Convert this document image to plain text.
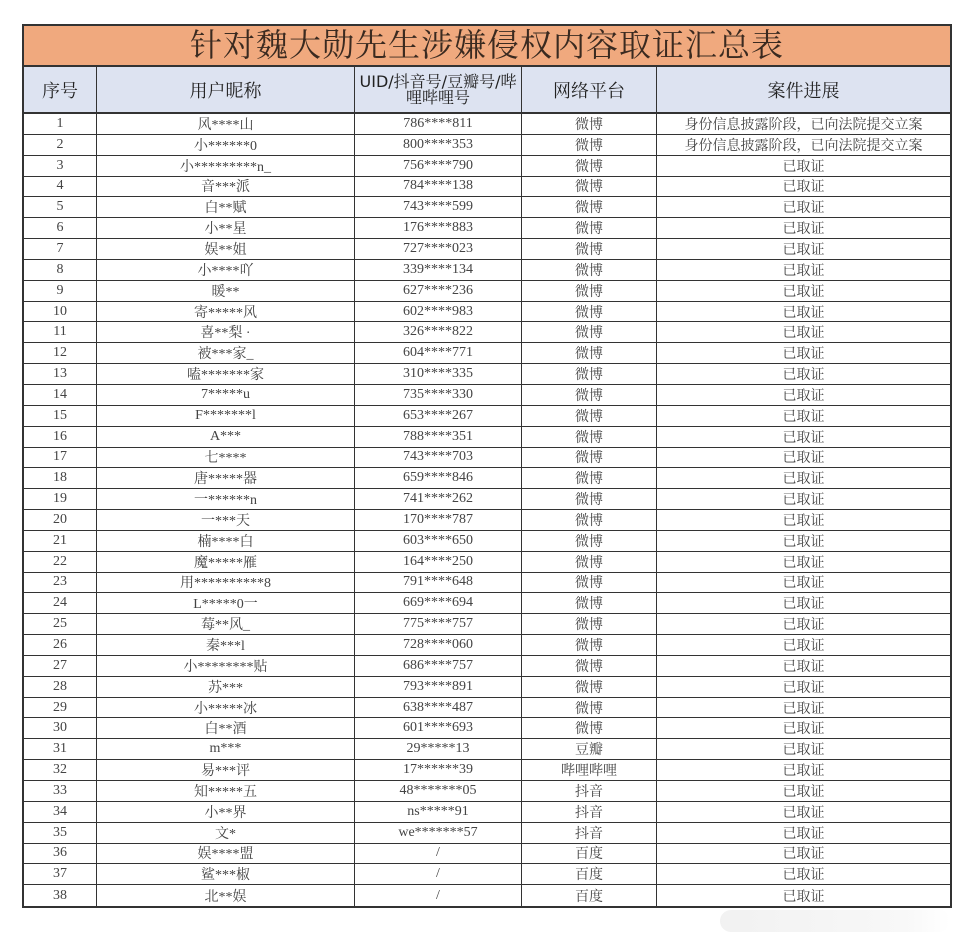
针对魏大勋先生涉嫌侵权内容取证汇总表
序号	用户昵称	UID/抖音号/豆瓣号/哔哩哔哩号	网络平台	案件进展
1	风****山	786****811	微博	身份信息披露阶段，已向法院提交立案
2	小******0	800****353	微博	身份信息披露阶段，已向法院提交立案
3	小*********n_	756****790	微博	已取证
4	音***派	784****138	微博	已取证
5	白**赋	743****599	微博	已取证
6	小**星	176****883	微博	已取证
7	娱**姐	727****023	微博	已取证
8	小****吖	339****134	微博	已取证
9	暖**	627****236	微博	已取证
10	寄*****风	602****983	微博	已取证
11	喜**梨 ·	326****822	微博	已取证
12	被***家_	604****771	微博	已取证
13	嗑*******家	310****335	微博	已取证
14	7*****u	735****330	微博	已取证
15	F*******l	653****267	微博	已取证
16	A***	788****351	微博	已取证
17	七****	743****703	微博	已取证
18	唐*****器	659****846	微博	已取证
19	一******n	741****262	微博	已取证
20	一***天	170****787	微博	已取证
21	楠****白	603****650	微博	已取证
22	魔*****雁	164****250	微博	已取证
23	用**********8	791****648	微博	已取证
24	L*****0一	669****694	微博	已取证
25	莓**风_	775****757	微博	已取证
26	秦***l	728****060	微博	已取证
27	小********贴	686****757	微博	已取证
28	苏***	793****891	微博	已取证
29	小*****冰	638****487	微博	已取证
30	白**酒	601****693	微博	已取证
31	m***	29*****13	豆瓣	已取证
32	易***评	17******39	哔哩哔哩	已取证
33	知*****五	48*******05	抖音	已取证
34	小**界	ns*****91	抖音	已取证
35	文*	we*******57	抖音	已取证
36	娱****盟	/	百度	已取证
37	鲨***椒	/	百度	已取证
38	北**娱	/	百度	已取证
